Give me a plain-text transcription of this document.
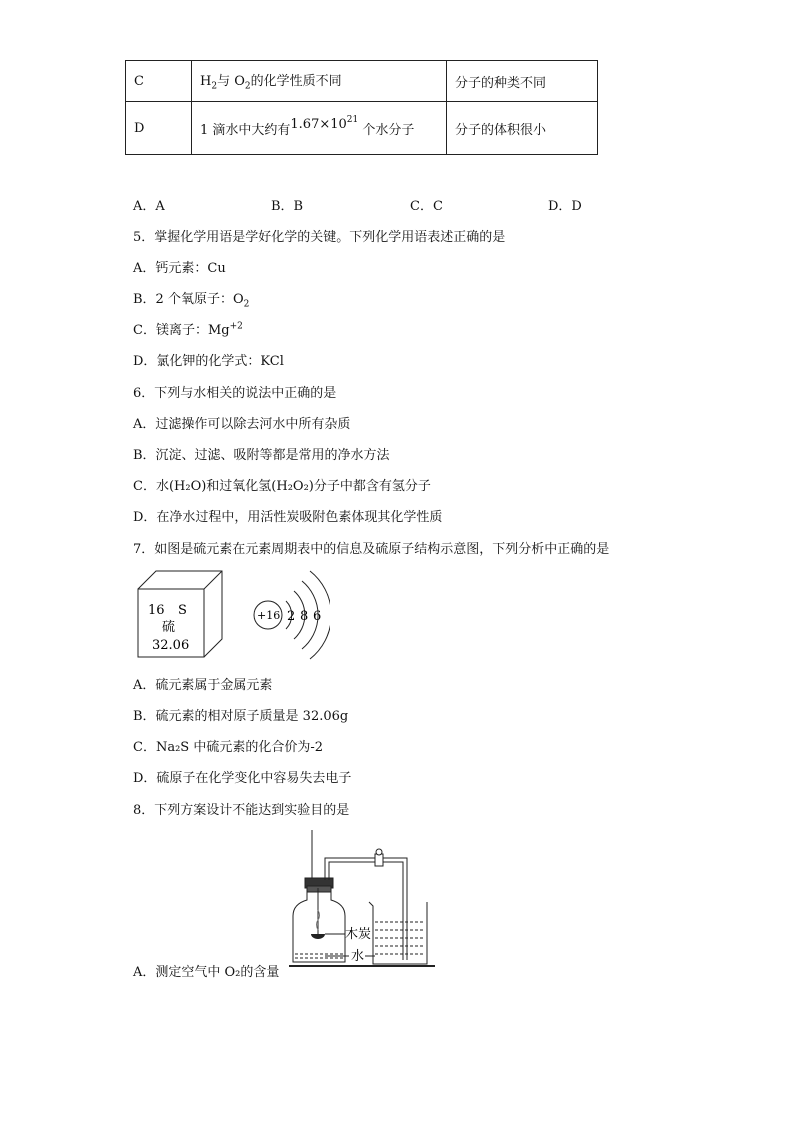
C	$H_2$与 $O_2$的化学性质不同	分子的种类不同
D	1 滴水中大约有$1.67\times 10^{21}$ 个水分子	分子的体积很小
A．A	B．B	C．C	D．D
5．掌握化学用语是学好化学的关键。下列化学用语表述正确的是
A．钙元素：Cu
B．2 个氧原子：$O_2$
C．镁离子：$Mg^{+2}$
D．氯化钾的化学式：KCl
6．下列与水相关的说法中正确的是
A．过滤操作可以除去河水中所有杂质
B．沉淀、过滤、吸附等都是常用的净水方法
C．水(H₂O)和过氧化氢(H₂O₂)分子中都含有氢分子
D．在净水过程中，用活性炭吸附色素体现其化学性质
7．如图是硫元素在元素周期表中的信息及硫原子结构示意图，下列分析中正确的是
16 S
硫
32.06
+16 2 8 6
A．硫元素属于金属元素
B．硫元素的相对原子质量是 32.06g
C．Na₂S 中硫元素的化合价为-2
D．硫原子在化学变化中容易失去电子
8．下列方案设计不能达到实验目的是
木炭
水
A．测定空气中 O₂的含量
